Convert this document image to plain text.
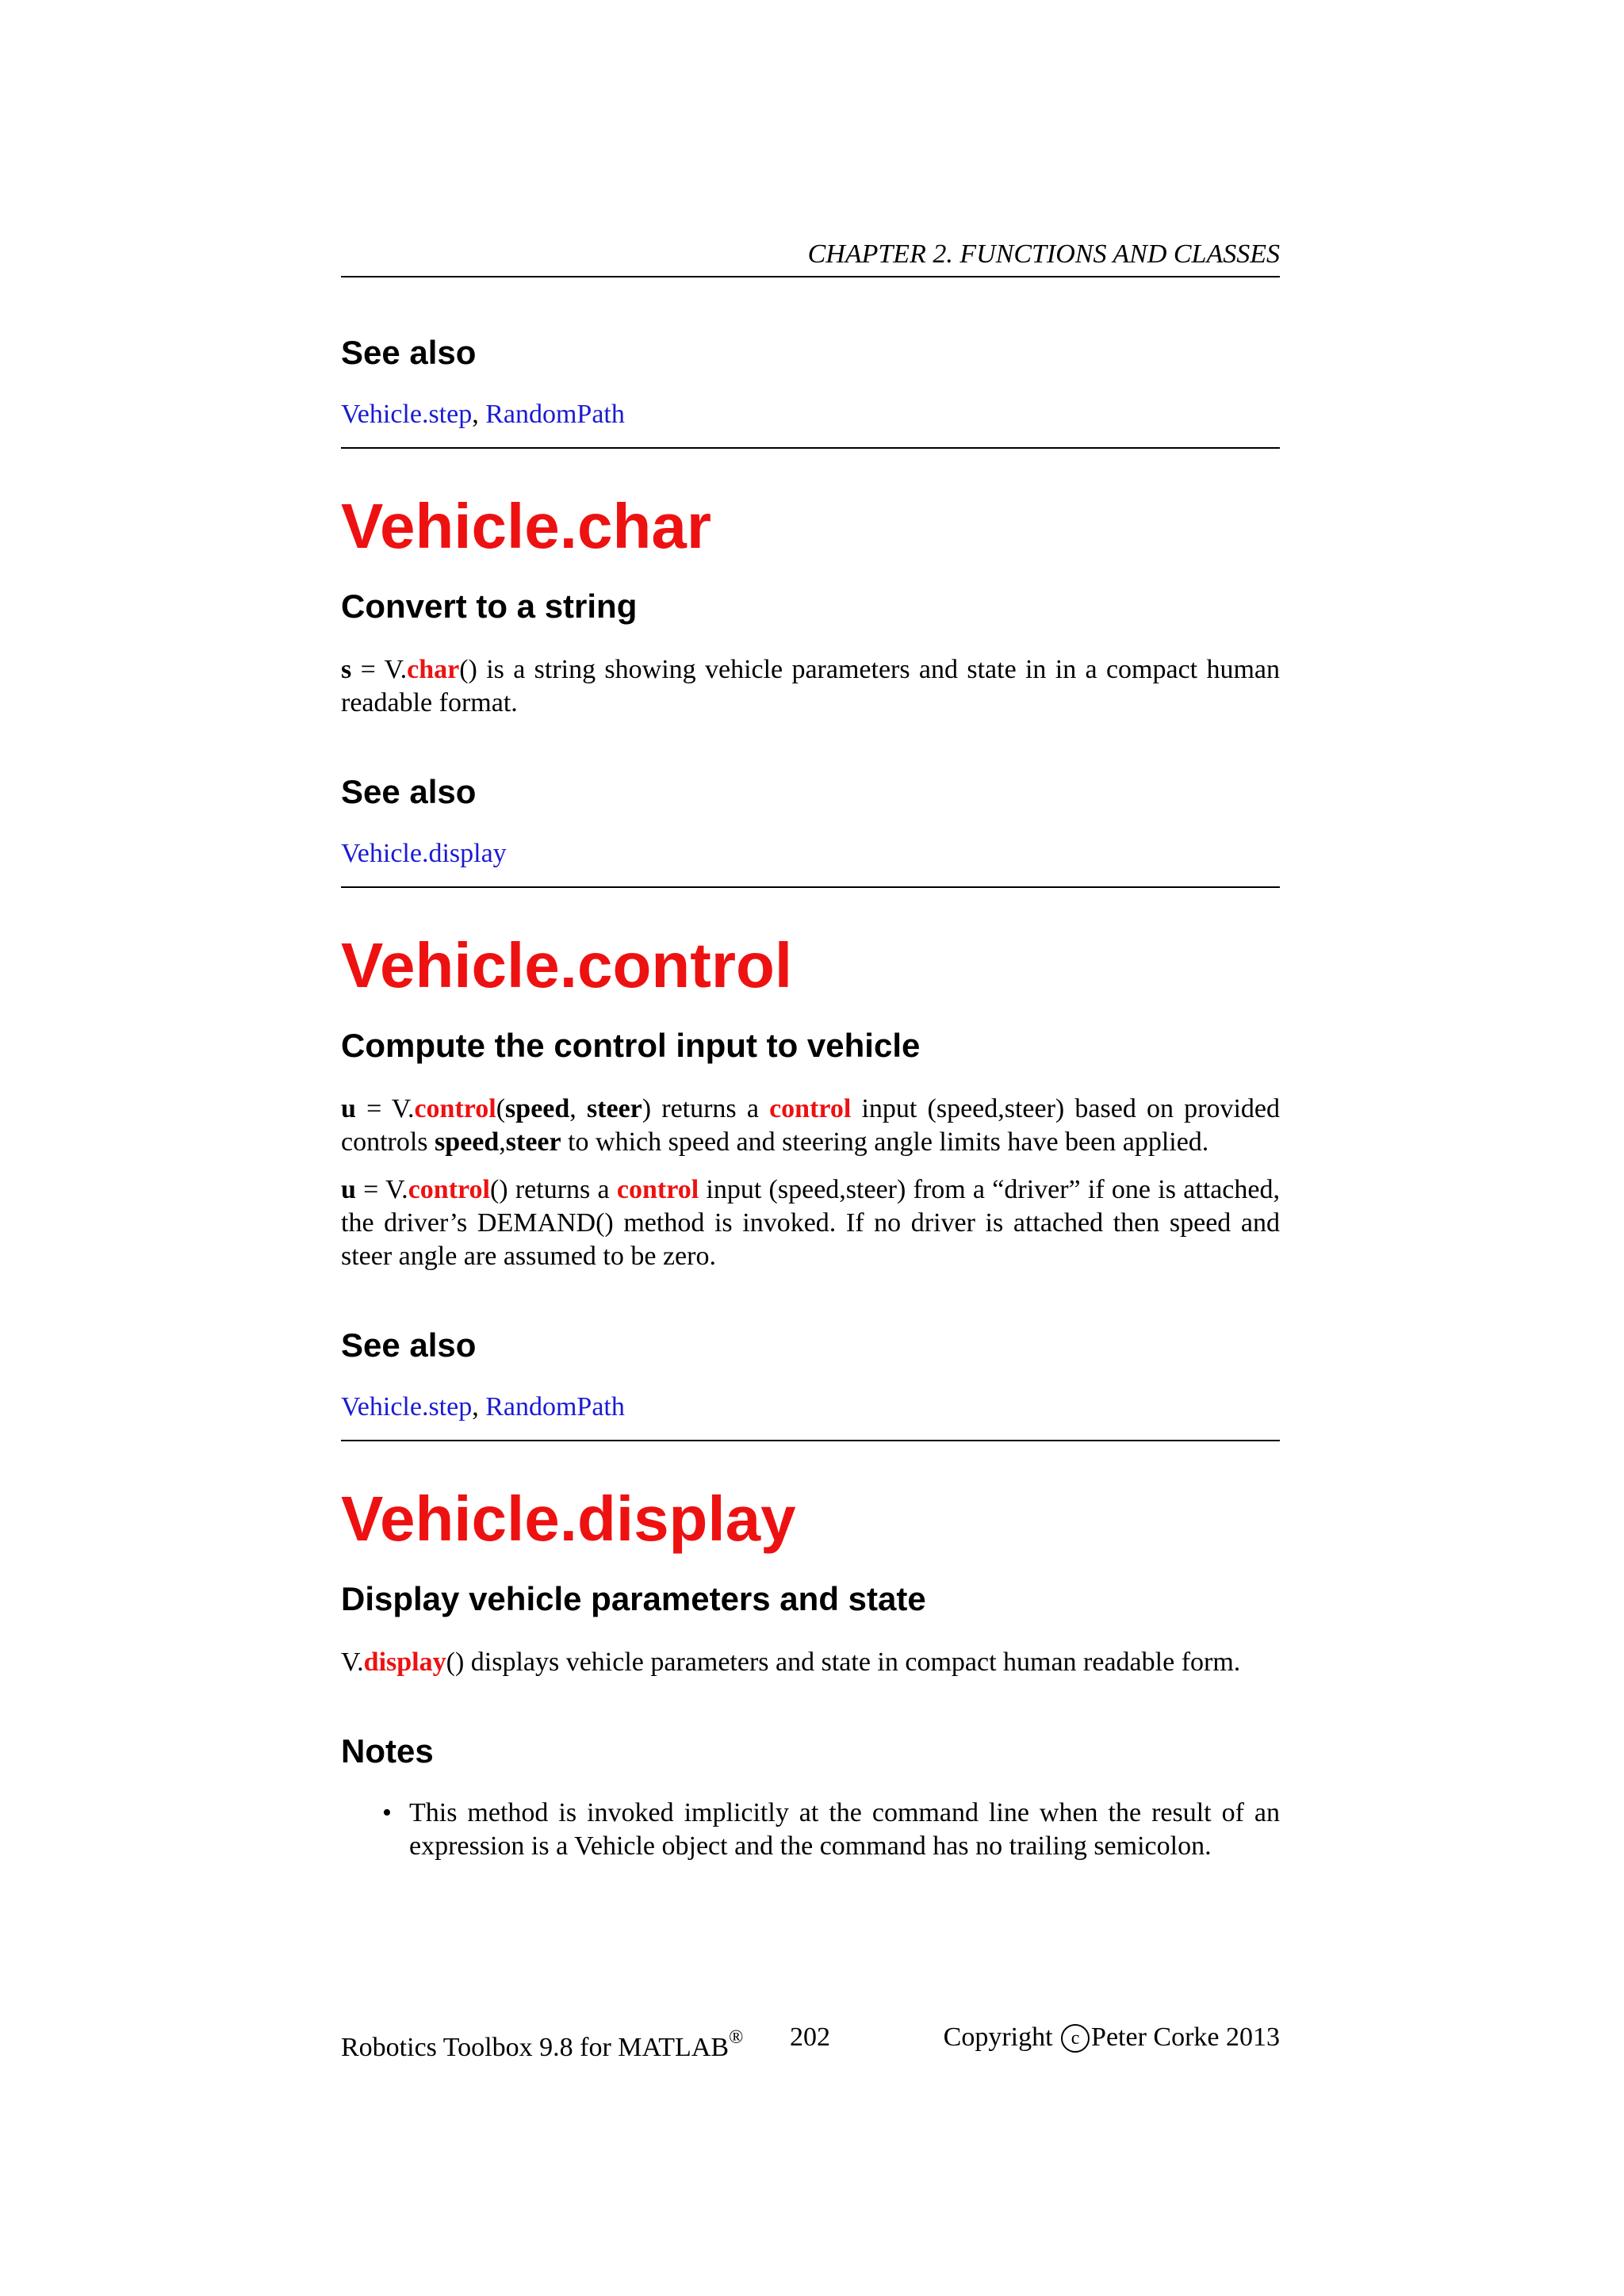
CHAPTER 2. FUNCTIONS AND CLASSES
See also

Vehicle.step, RandomPath

Vehicle.char
Convert to a string

s = V.char() is a string showing vehicle parameters and state in in a compact human readable format.

See also

Vehicle.display

Vehicle.control
Compute the control input to vehicle

u = V.control(speed, steer) returns a control input (speed,steer) based on provided controls speed,steer to which speed and steering angle limits have been applied.

u = V.control() returns a control input (speed,steer) from a “driver” if one is attached, the driver’s DEMAND() method is invoked. If no driver is attached then speed and steer angle are assumed to be zero.

See also

Vehicle.step, RandomPath

Vehicle.display
Display vehicle parameters and state

V.display() displays vehicle parameters and state in compact human readable form.

Notes
• This method is invoked implicitly at the command line when the result of an expression is a Vehicle object and the command has no trailing semicolon.
Robotics Toolbox 9.8 for MATLAB® 202	Copyright c Peter Corke 2013
